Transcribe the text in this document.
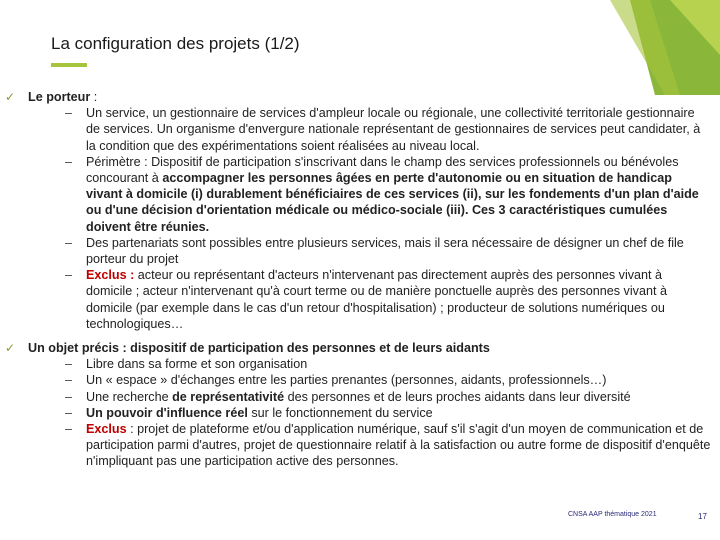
La configuration des projets (1/2)
✓ Le porteur :
– Un service, un gestionnaire de services d'ampleur locale ou régionale, une collectivité territoriale gestionnaire de services. Un organisme d'envergure nationale représentant de gestionnaires de services peut candidater, à la condition que des expérimentations soient réalisées au niveau local.
– Périmètre : Dispositif de participation s'inscrivant dans le champ des services professionnels ou bénévoles concourant à accompagner les personnes âgées en perte d'autonomie ou en situation de handicap vivant à domicile (i) durablement bénéficiaires de ces services (ii), sur les fondements d'un plan d'aide ou d'une décision d'orientation médicale ou médico-sociale (iii). Ces 3 caractéristiques cumulées doivent être réunies.
– Des partenariats sont possibles entre plusieurs services, mais il sera nécessaire de désigner un chef de file porteur du projet
– Exclus : acteur ou représentant d'acteurs n'intervenant pas directement auprès des personnes vivant à domicile ; acteur n'intervenant qu'à court terme ou de manière ponctuelle auprès des personnes vivant à domicile (par exemple dans le cas d'un retour d'hospitalisation) ; producteur de solutions numériques ou technologiques…
✓ Un objet précis : dispositif de participation des personnes et de leurs aidants
– Libre dans sa forme et son organisation
– Un « espace » d'échanges entre les parties prenantes (personnes, aidants, professionnels…)
– Une recherche de représentativité des personnes et de leurs proches aidants dans leur diversité
– Un pouvoir d'influence réel sur le fonctionnement du service
– Exclus : projet de plateforme et/ou d'application numérique, sauf s'il s'agit d'un moyen de communication et de participation parmi d'autres, projet de questionnaire relatif à la satisfaction ou autre forme de dispositif d'enquête n'impliquant pas une participation active des personnes.
CNSA AAP thématique 2021	17
